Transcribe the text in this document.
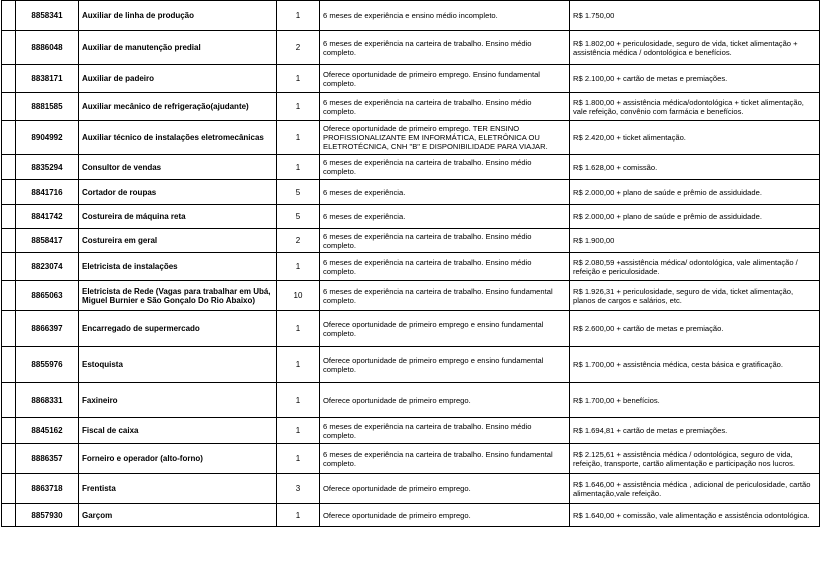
	8858341	Auxiliar de linha de produção	1	6 meses de experiência e ensino médio incompleto.	R$ 1.750,00
	8886048	Auxiliar de manutenção predial	2	6 meses de experiência na carteira de trabalho. Ensino médio completo.	R$ 1.802,00 + periculosidade, seguro de vida, ticket alimentação + assistência médica / odontológica e benefícios.
	8838171	Auxiliar de padeiro	1	Oferece oportunidade de primeiro emprego. Ensino fundamental completo.	R$ 2.100,00 + cartão de metas e premiações.
	8881585	Auxiliar mecânico de refrigeração(ajudante)	1	6 meses de experiência na carteira de trabalho. Ensino médio completo.	R$ 1.800,00 + assistência médica/odontológica + ticket alimentação, vale refeição, convênio com farmácia e benefícios.
	8904992	Auxiliar técnico de instalações eletromecânicas	1	Oferece oportunidade de primeiro emprego. TER ENSINO PROFISSIONALIZANTE EM INFORMÁTICA, ELETRÔNICA OU ELETROTÉCNICA, CNH "B" E DISPONIBILIDADE PARA VIAJAR.	R$ 2.420,00 + ticket alimentação.
	8835294	Consultor de vendas	1	6 meses de experiência na carteira de trabalho. Ensino médio completo.	R$ 1.628,00 + comissão.
	8841716	Cortador de roupas	5	6 meses de experiência.	R$ 2.000,00 + plano de saúde e prêmio de assiduidade.
	8841742	Costureira de máquina reta	5	6 meses de experiência.	R$ 2.000,00 + plano de saúde e prêmio de assiduidade.
	8858417	Costureira em geral	2	6 meses de experiência na carteira de trabalho. Ensino médio completo.	R$ 1.900,00
	8823074	Eletricista de instalações	1	6 meses de experiência na carteira de trabalho. Ensino médio completo.	R$ 2.080,59 +assistência médica/ odontológica, vale alimentação / refeição e periculosidade.
	8865063	Eletricista de Rede (Vagas para trabalhar em Ubá, Miguel Burnier e São Gonçalo Do Rio Abaixo)	10	6 meses de experiência na carteira de trabalho. Ensino fundamental completo.	R$ 1.926,31 + periculosidade, seguro de vida, ticket alimentação, planos de cargos e salários, etc.
	8866397	Encarregado de supermercado	1	Oferece oportunidade de primeiro emprego e ensino fundamental completo.	R$ 2.600,00 + cartão de metas e premiação.
	8855976	Estoquista	1	Oferece oportunidade de primeiro emprego e ensino fundamental completo.	R$ 1.700,00 + assistência médica, cesta básica e gratificação.
	8868331	Faxineiro	1	Oferece oportunidade de primeiro emprego.	R$ 1.700,00 + benefícios.
	8845162	Fiscal de caixa	1	6 meses de experiência na carteira de trabalho. Ensino médio completo.	R$ 1.694,81 + cartão de metas e premiações.
	8886357	Forneiro e operador (alto-forno)	1	6 meses de experiência na carteira de trabalho. Ensino fundamental completo.	R$ 2.125,61 + assistência médica / odontológica, seguro de vida, refeição, transporte, cartão alimentação e participação nos lucros.
	8863718	Frentista	3	Oferece oportunidade de primeiro emprego.	R$ 1.646,00 + assistência médica , adicional de periculosidade, cartão alimentação,vale refeição.
	8857930	Garçom	1	Oferece oportunidade de primeiro emprego.	R$ 1.640,00 + comissão, vale alimentação e assistência odontológica.
